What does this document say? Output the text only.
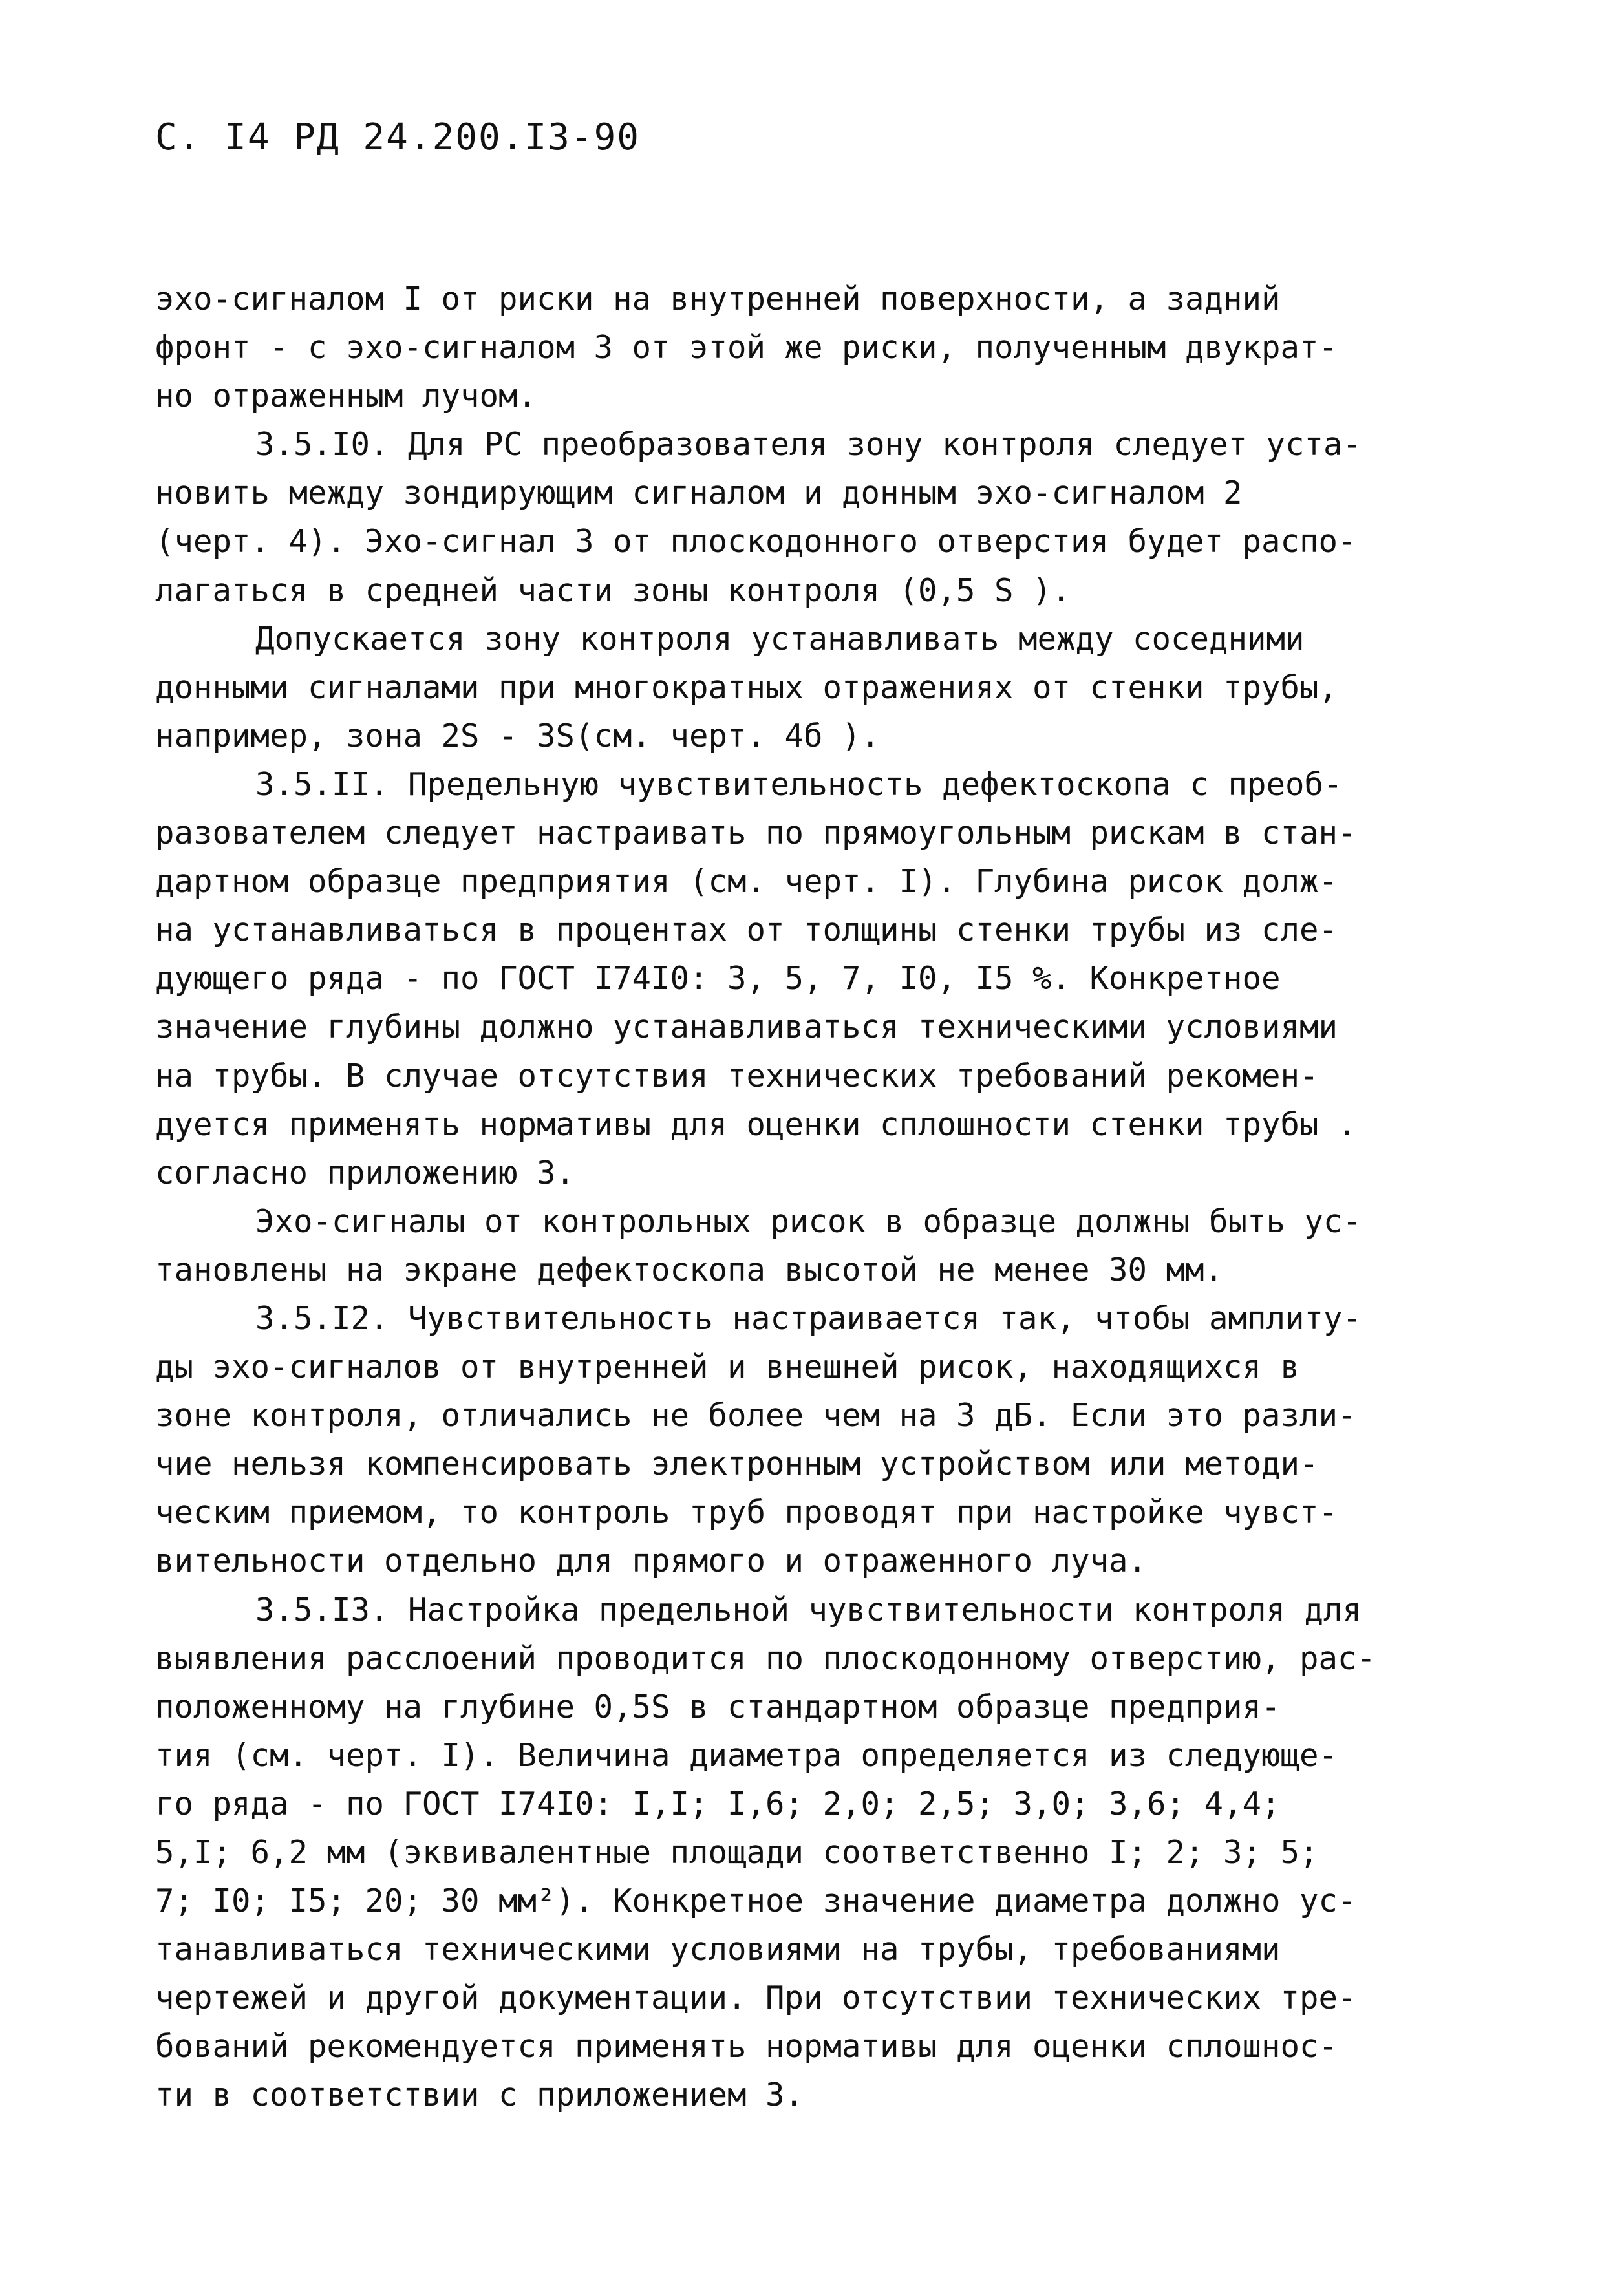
С. I4 РД 24.200.I3-90
эхо-сигналом I от риски на внутренней поверхности, а задний
фронт - с эхо-сигналом 3 от этой же риски, полученным двукрат-
но отраженным лучом.
3.5.I0. Для РС преобразователя зону контроля следует уста-
новить между зондирующим сигналом и донным эхо-сигналом 2
(черт. 4). Эхо-сигнал 3 от плоскодонного отверстия будет распо-
лагаться в средней части зоны контроля (0,5 S ).
Допускается зону контроля устанавливать между соседними
донными сигналами при многократных отражениях от стенки трубы,
например, зона 2S - 3S(см. черт. 4б ).
3.5.II. Предельную чувствительность дефектоскопа с преоб-
разователем следует настраивать по прямоугольным рискам в стан-
дартном образце предприятия (см. черт. I). Глубина рисок долж-
на устанавливаться в процентах от толщины стенки трубы из сле-
дующего ряда - по ГОСТ I74I0: 3, 5, 7, I0, I5 %. Конкретное
значение глубины должно устанавливаться техническими условиями
на трубы. В случае отсутствия технических требований рекомен-
дуется применять нормативы для оценки сплошности стенки трубы .
согласно приложению 3.
Эхо-сигналы от контрольных рисок в образце должны быть ус-
тановлены на экране дефектоскопа высотой не менее 30 мм.
3.5.I2. Чувствительность настраивается так, чтобы амплиту-
ды эхо-сигналов от внутренней и внешней рисок, находящихся в
зоне контроля, отличались не более чем на 3 дБ. Если это разли-
чие нельзя компенсировать электронным устройством или методи-
ческим приемом, то контроль труб проводят при настройке чувст-
вительности отдельно для прямого и отраженного луча.
3.5.I3. Настройка предельной чувствительности контроля для
выявления расслоений проводится по плоскодонному отверстию, рас-
положенному на глубине 0,5S в стандартном образце предприя-
тия (см. черт. I). Величина диаметра определяется из следующе-
го ряда - по ГОСТ I74I0: I,I; I,6; 2,0; 2,5; 3,0; 3,6; 4,4;
5,I; 6,2 мм (эквивалентные площади соответственно I; 2; 3; 5;
7; I0; I5; 20; 30 мм²). Конкретное значение диаметра должно ус-
танавливаться техническими условиями на трубы, требованиями
чертежей и другой документации. При отсутствии технических тре-
бований рекомендуется применять нормативы для оценки сплошнос-
ти в соответствии с приложением 3.
